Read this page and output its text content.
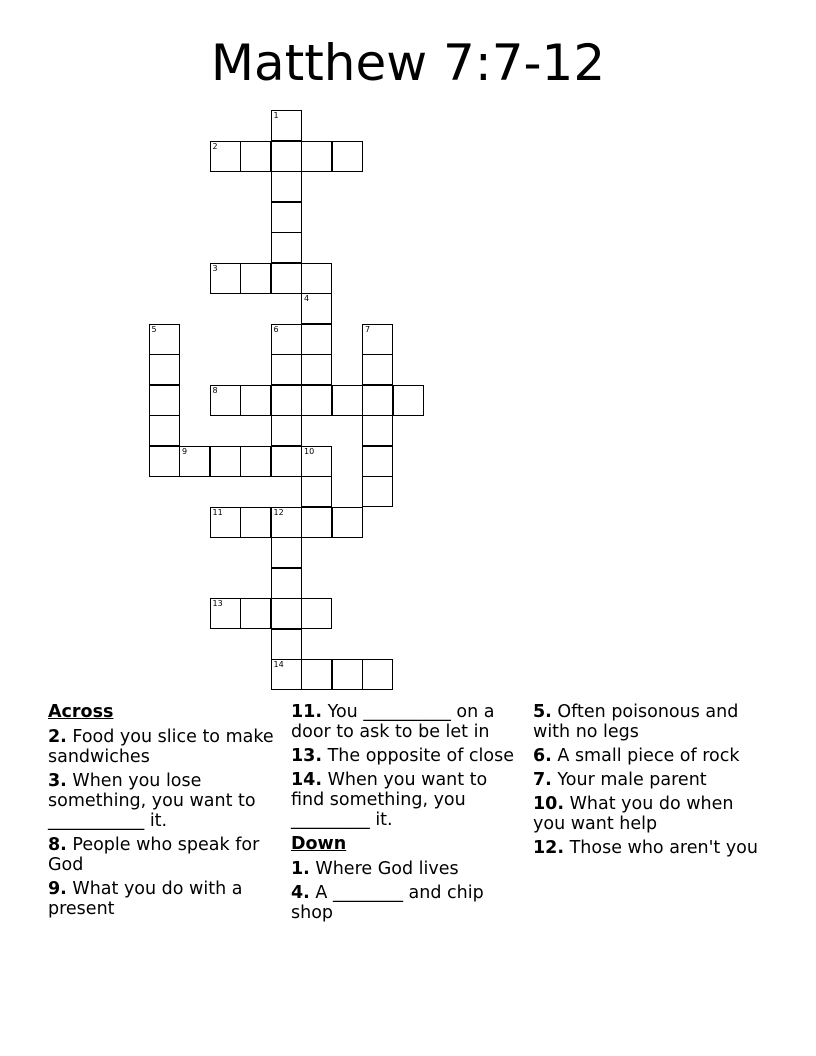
Matthew 7:7-12
1
2
3
4
5	6	7
8
9	10
11	12
13
14
Across
2. Food you slice to make sandwiches
3. When you lose something, you want to ___________ it.
8. People who speak for God
9. What you do with a present
11. You __________ on a door to ask to be let in
13. The opposite of close
14. When you want to find something, you _________ it.
Down
1. Where God lives
4. A ________ and chip shop
5. Often poisonous and with no legs
6. A small piece of rock
7. Your male parent
10. What you do when you want help
12. Those who aren't you
